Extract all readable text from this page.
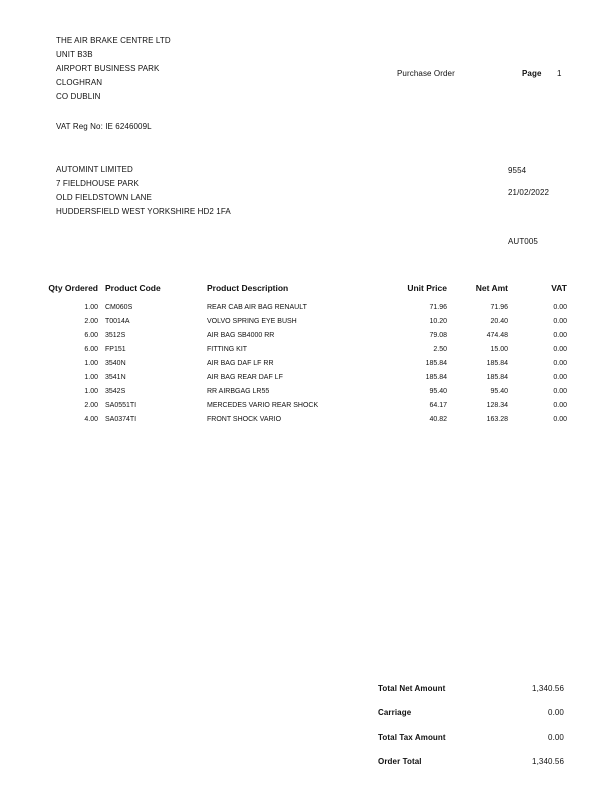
THE AIR BRAKE CENTRE LTD
UNIT B3B
AIRPORT BUSINESS PARK
CLOGHRAN
CO DUBLIN
VAT Reg No: IE 6246009L
Purchase Order	Page 1
AUTOMINT LIMITED
7 FIELDHOUSE PARK
OLD FIELDSTOWN LANE
HUDDERSFIELD WEST YORKSHIRE HD2 1FA
9554
21/02/2022
AUT005
Qty Ordered Product Code	Product Description	Unit Price	Net Amt	VAT
1.00 CM060S	REAR CAB AIR BAG RENAULT	71.96	71.96	0.00
2.00 T0014A	VOLVO SPRING EYE BUSH	10.20	20.40	0.00
6.00 3512S	AIR BAG SB4000 RR	79.08	474.48	0.00
6.00 FP151	FITTING KIT	2.50	15.00	0.00
1.00 3540N	AIR BAG DAF LF RR	185.84	185.84	0.00
1.00 3541N	AIR BAG REAR DAF LF	185.84	185.84	0.00
1.00 3542S	RR AIRBGAG LR55	95.40	95.40	0.00
2.00 SA0551TI	MERCEDES VARIO REAR SHOCK	64.17	128.34	0.00
4.00 SA0374TI	FRONT SHOCK VARIO	40.82	163.28	0.00
Total Net Amount	1,340.56
Carriage	0.00
Total Tax Amount	0.00
Order Total	1,340.56
